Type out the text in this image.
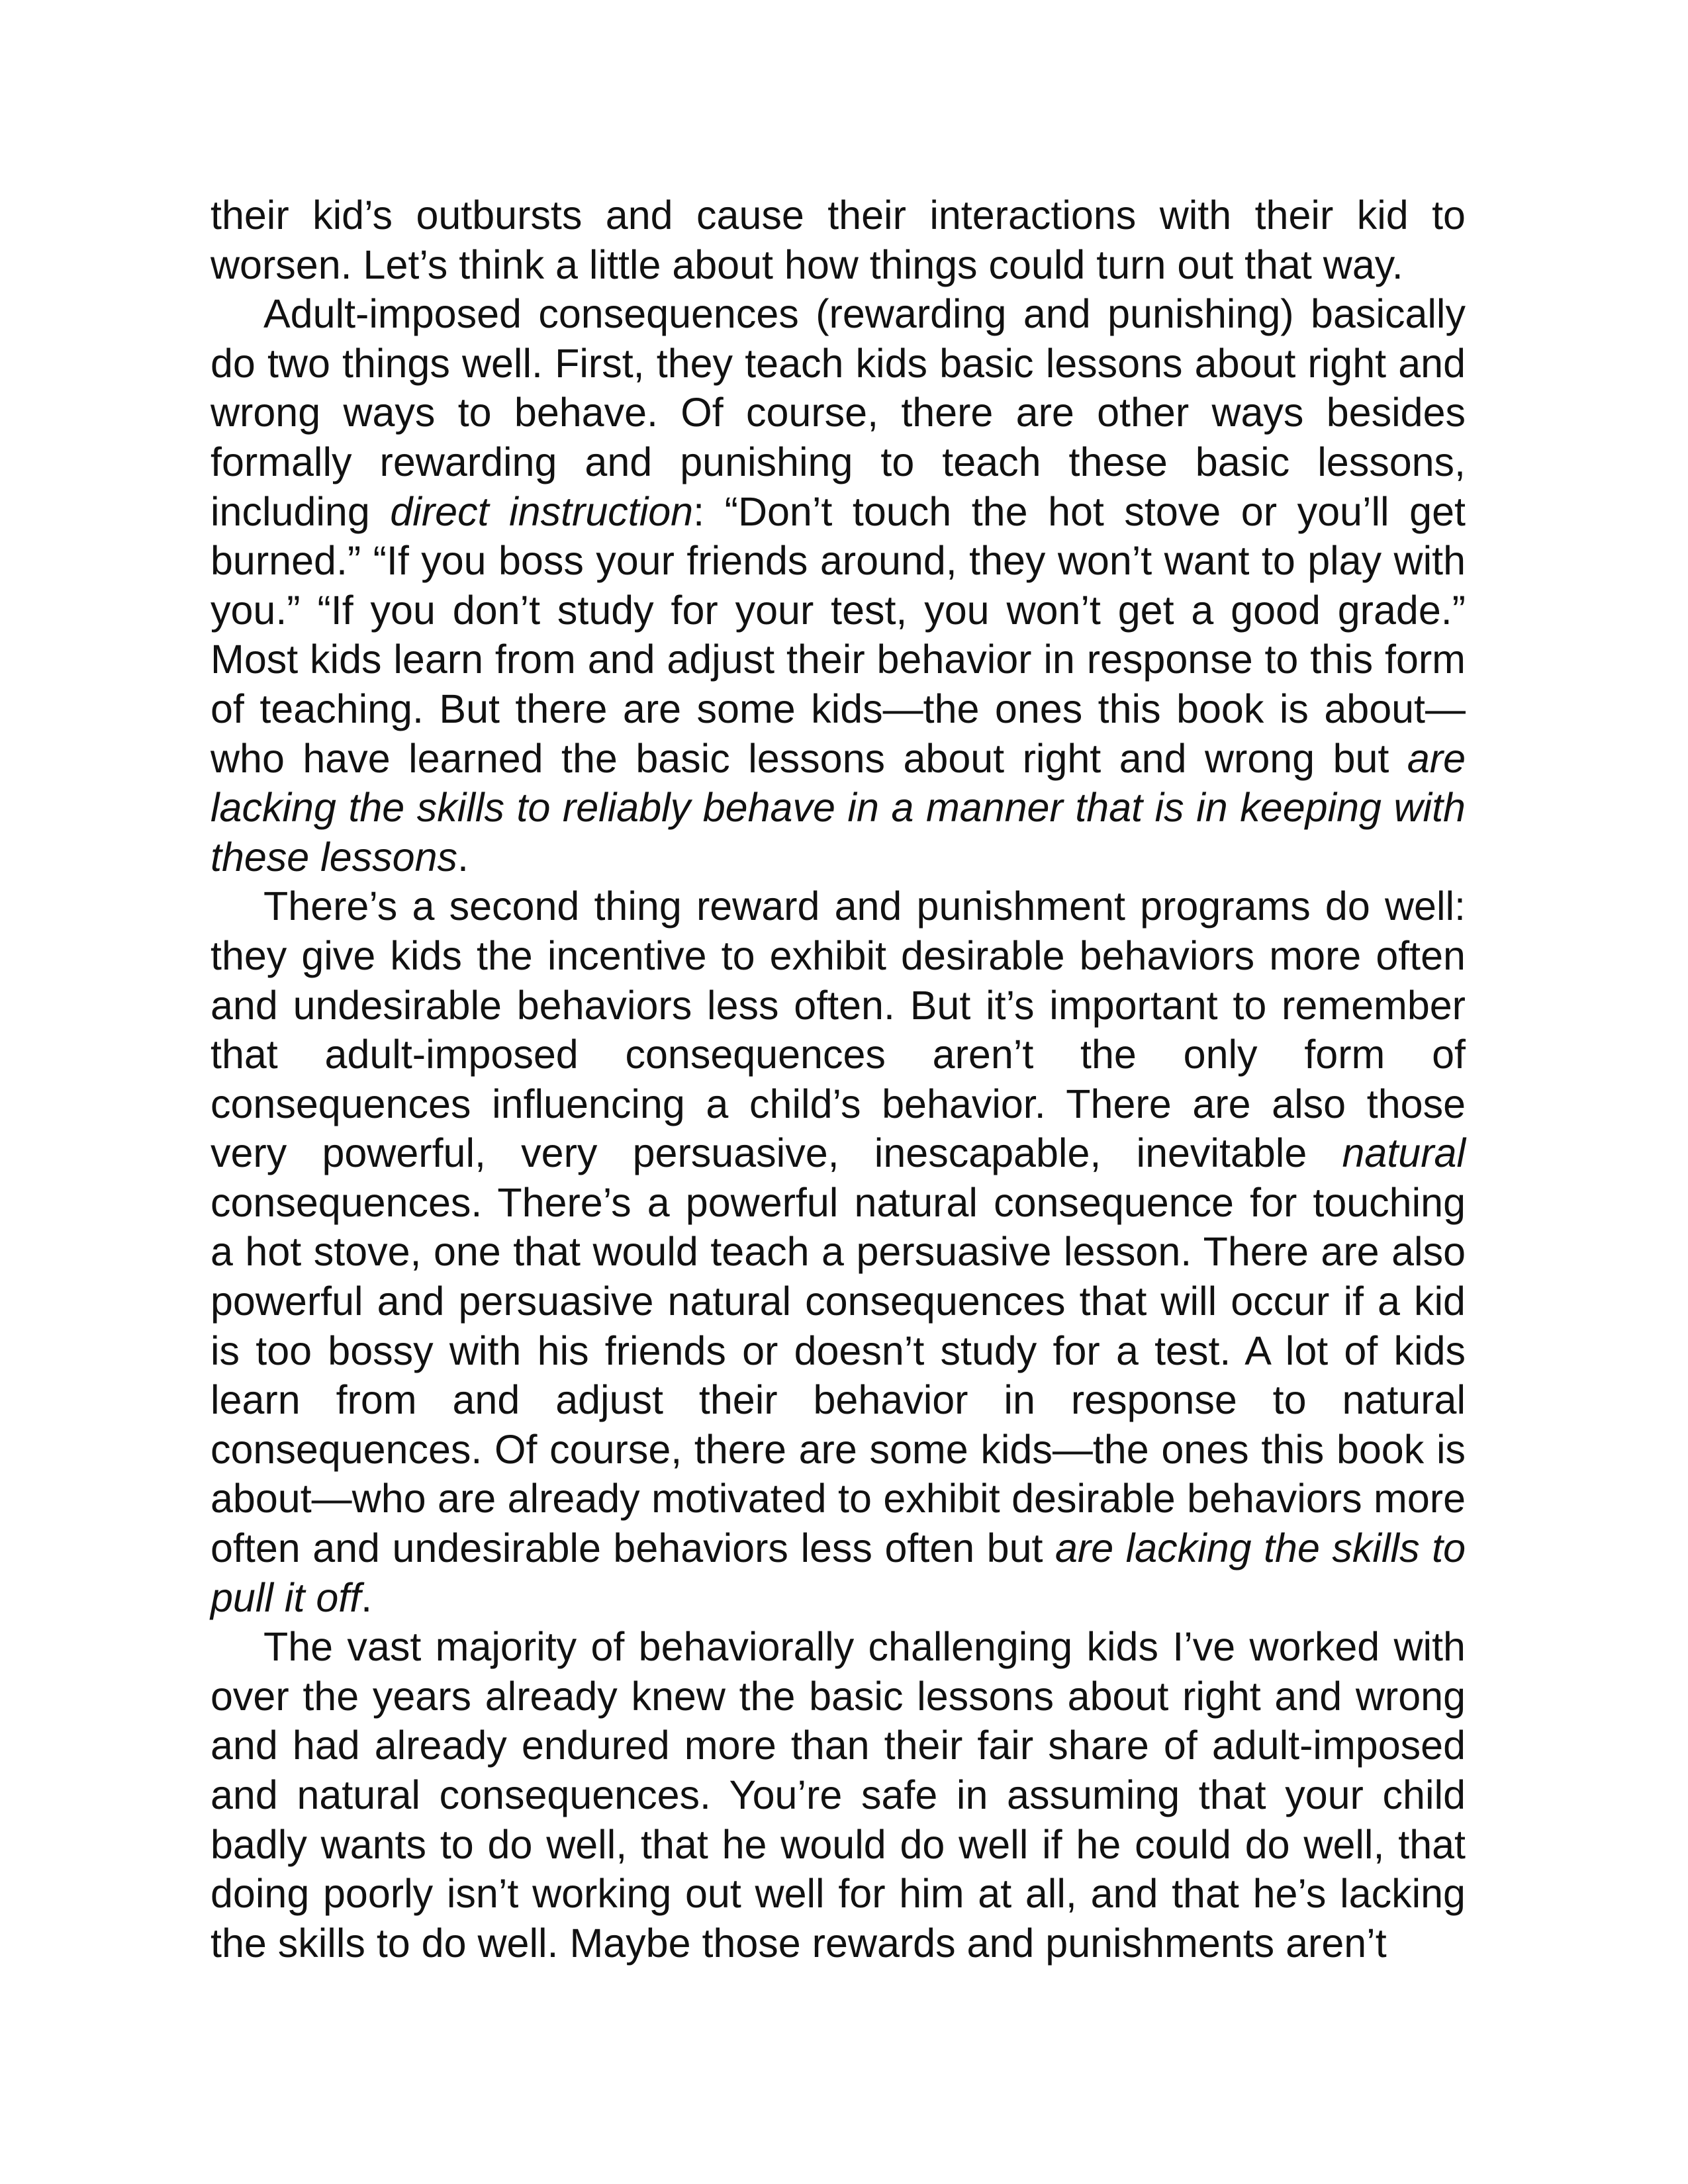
their kid’s outbursts and cause their interactions with their kid to worsen. Let’s think a little about how things could turn out that way.

Adult-imposed consequences (rewarding and punishing) basically do two things well. First, they teach kids basic lessons about right and wrong ways to behave. Of course, there are other ways besides formally rewarding and punishing to teach these basic lessons, including direct instruction: “Don’t touch the hot stove or you’ll get burned.” “If you boss your friends around, they won’t want to play with you.” “If you don’t study for your test, you won’t get a good grade.” Most kids learn from and adjust their behavior in response to this form of teaching. But there are some kids—the ones this book is about—who have learned the basic lessons about right and wrong but are lacking the skills to reliably behave in a manner that is in keeping with these lessons.

There’s a second thing reward and punishment programs do well: they give kids the incentive to exhibit desirable behaviors more often and undesirable behaviors less often. But it’s important to remember that adult-imposed consequences aren’t the only form of consequences influencing a child’s behavior. There are also those very powerful, very persuasive, inescapable, inevitable natural consequences. There’s a powerful natural consequence for touching a hot stove, one that would teach a persuasive lesson. There are also powerful and persuasive natural consequences that will occur if a kid is too bossy with his friends or doesn’t study for a test. A lot of kids learn from and adjust their behavior in response to natural consequences. Of course, there are some kids—the ones this book is about—who are already motivated to exhibit desirable behaviors more often and undesirable behaviors less often but are lacking the skills to pull it off.

The vast majority of behaviorally challenging kids I’ve worked with over the years already knew the basic lessons about right and wrong and had already endured more than their fair share of adult-imposed and natural consequences. You’re safe in assuming that your child badly wants to do well, that he would do well if he could do well, that doing poorly isn’t working out well for him at all, and that he’s lacking the skills to do well. Maybe those rewards and punishments aren’t
